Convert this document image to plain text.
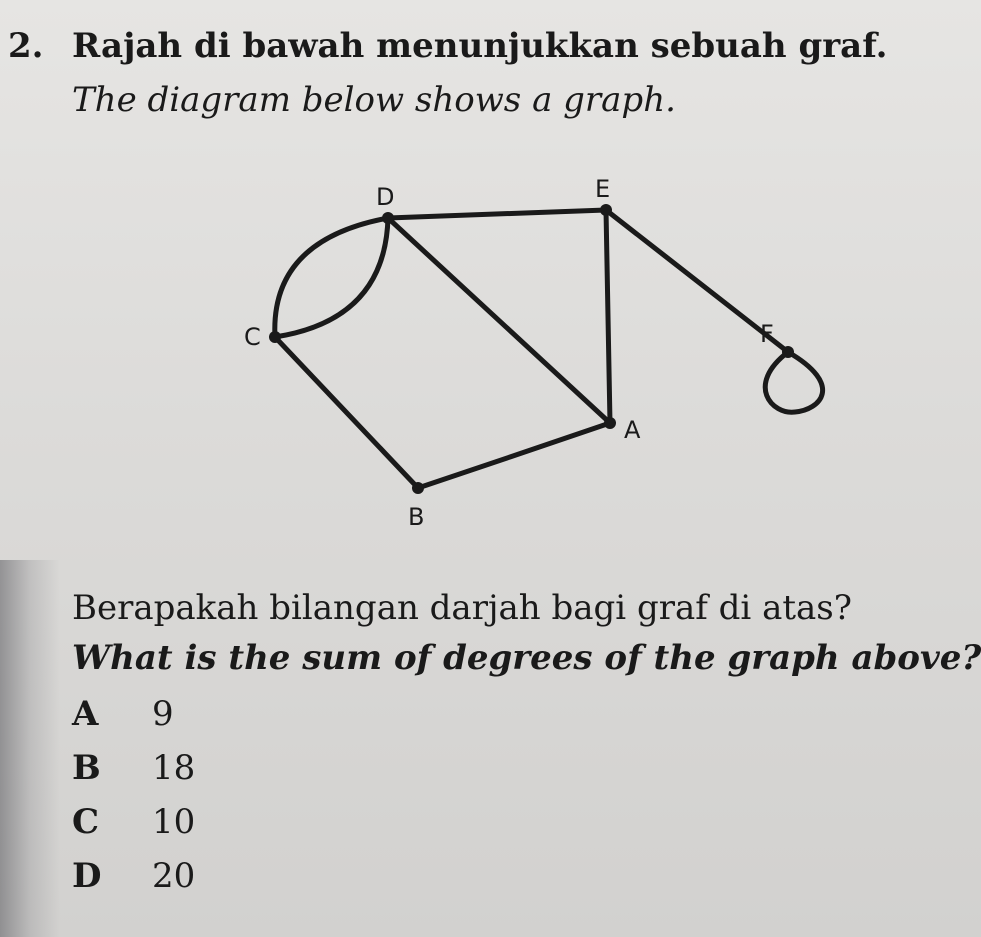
2. Rajah di bawah menunjukkan sebuah graf.
The diagram below shows a graph.
D	E
F
C
A
B
Berapakah bilangan darjah bagi graf di atas?
What is the sum of degrees of the graph above?
A	9
B	18
C	10
D	20
